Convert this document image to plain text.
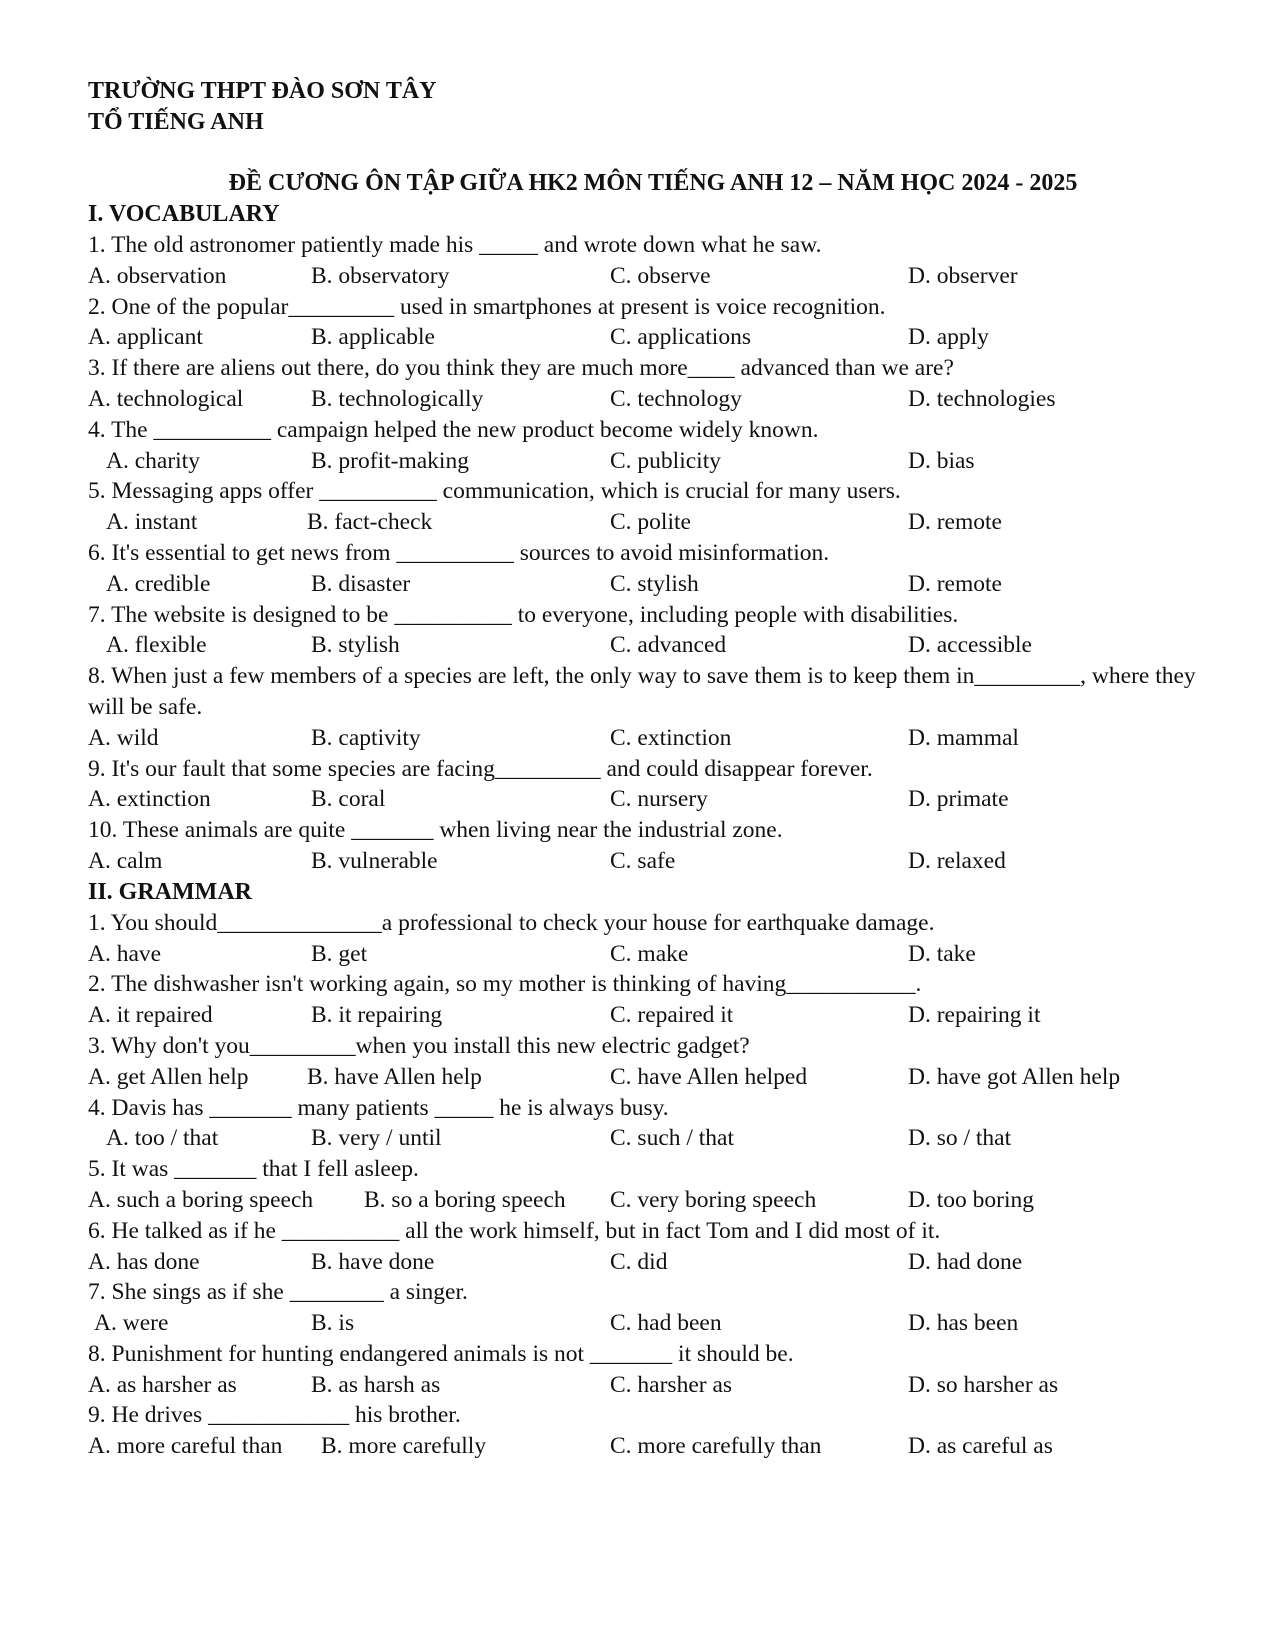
TRƯỜNG THPT ĐÀO SƠN TÂY
TỔ TIẾNG ANH
ĐỀ CƯƠNG ÔN TẬP GIỮA HK2 MÔN TIẾNG ANH 12 – NĂM HỌC 2024 - 2025
I. VOCABULARY
1. The old astronomer patiently made his _____ and wrote down what he saw.
A. observation	B. observatory	C. observe	D. observer
2. One of the popular_________ used in smartphones at present is voice recognition.
A. applicant	B. applicable	C. applications	D. apply
3. If there are aliens out there, do you think they are much more____ advanced than we are?
A. technological	B. technologically	C. technology	D. technologies
4. The __________ campaign helped the new product become widely known.
A. charity	B. profit-making	C. publicity	D. bias
5. Messaging apps offer __________ communication, which is crucial for many users.
A. instant	B. fact-check	C. polite	D. remote
6. It's essential to get news from __________ sources to avoid misinformation.
A. credible	B. disaster	C. stylish	D. remote
7. The website is designed to be __________ to everyone, including people with disabilities.
A. flexible	B. stylish	C. advanced	D. accessible
8. When just a few members of a species are left, the only way to save them is to keep them in_________, where they will be safe.
A. wild	B. captivity	C. extinction	D. mammal
9. It's our fault that some species are facing_________ and could disappear forever.
A. extinction	B. coral	C. nursery	D. primate
10. These animals are quite _______ when living near the industrial zone.
A. calm	B. vulnerable	C. safe	D. relaxed
II. GRAMMAR
1. You should______________a professional to check your house for earthquake damage.
A. have	B. get	C. make	D. take
2. The dishwasher isn't working again, so my mother is thinking of having___________.
A. it repaired	B. it repairing	C. repaired it	D. repairing it
3. Why don't you_________when you install this new electric gadget?
A. get Allen help B. have Allen help	C. have Allen helped	D. have got Allen help
4. Davis has _______ many patients _____ he is always busy.
A. too / that	B. very / until	C. such / that	D. so / that
5. It was _______ that I fell asleep.
A. such a boring speech B. so a boring speech C. very boring speech	D. too boring
6. He talked as if he __________ all the work himself, but in fact Tom and I did most of it.
A. has done	B. have done	C. did	D. had done
7. She sings as if she ________ a singer.
A. were	B. is	C. had been	D. has been
8. Punishment for hunting endangered animals is not _______ it should be.
A. as harsher as	B. as harsh as	C. harsher as	D. so harsher as
9. He drives ____________ his brother.
A. more careful than B. more carefully	C. more carefully than	D. as careful as
